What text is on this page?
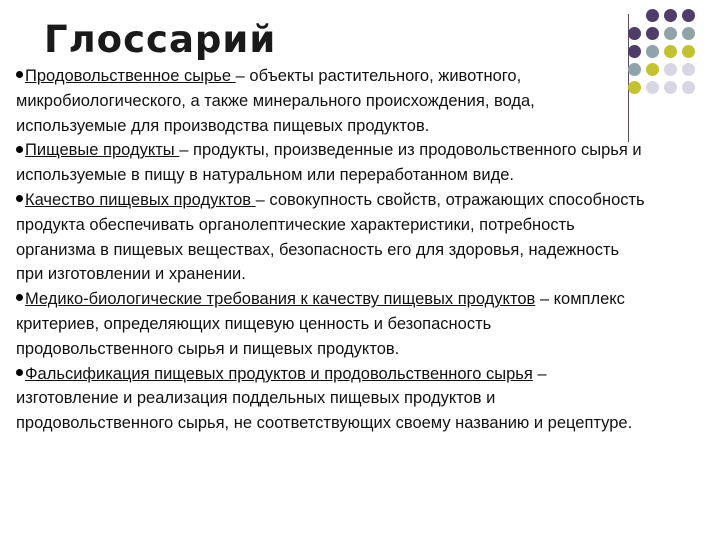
Глоссарий

Продовольственное сырье – объекты растительного, животного, микробиологического, а также минерального происхождения, вода, используемые для производства пищевых продуктов.

Пищевые продукты – продукты, произведенные из продовольственного сырья и используемые в пищу в натуральном или переработанном виде.

Качество пищевых продуктов – совокупность свойств, отражающих способность продукта обеспечивать органолептические характеристики, потребность организма в пищевых веществах, безопасность его для здоровья, надежность при изготовлении и хранении.

Медико-биологические требования к качеству пищевых продуктов – комплекс критериев, определяющих пищевую ценность и безопасность продовольственного сырья и пищевых продуктов.

Фальсификация пищевых продуктов и продовольственного сырья – изготовление и реализация поддельных пищевых продуктов и продовольственного сырья, не соответствующих своему названию и рецептуре.
